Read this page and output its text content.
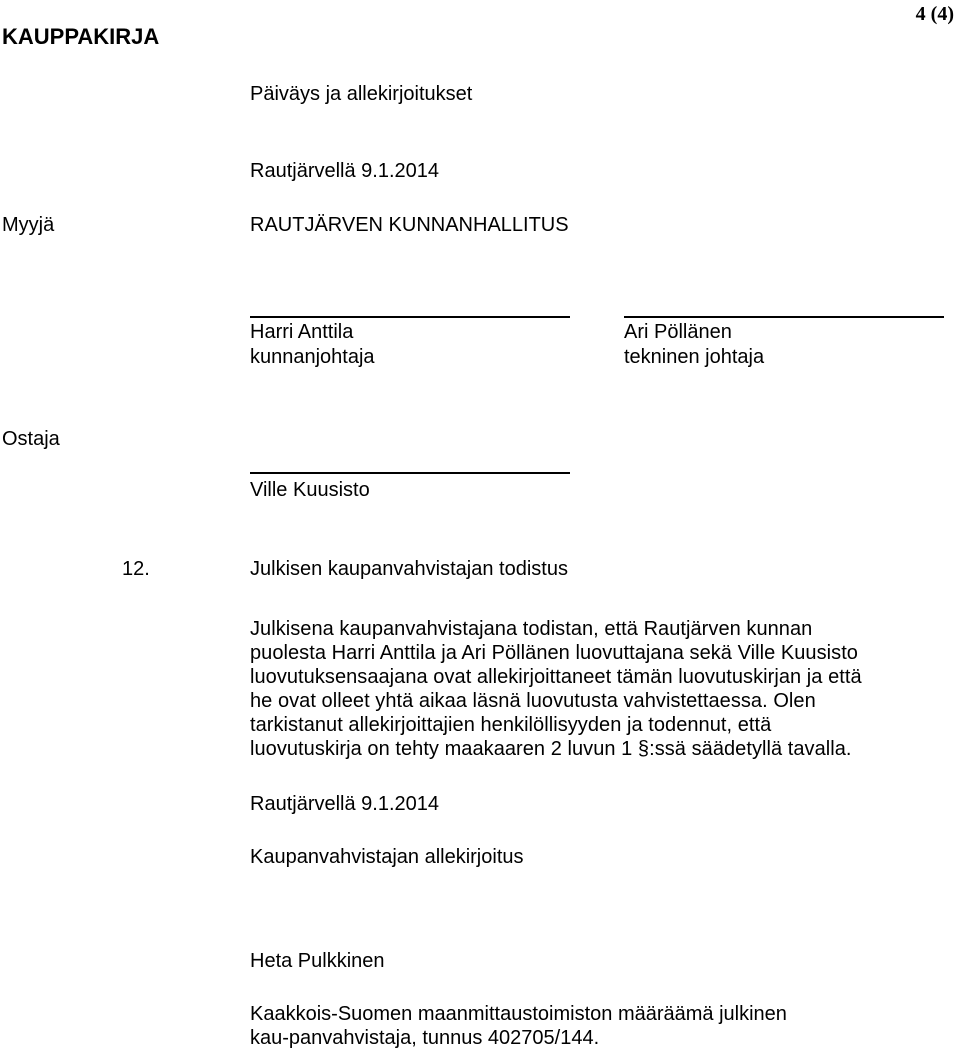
KAUPPAKIRJA
4 (4)
Päiväys ja allekirjoitukset
Rautjärvellä 9.1.2014
Myyjä	RAUTJÄRVEN KUNNANHALLITUS
Harri Anttila
kunnanjohtaja
Ari Pöllänen
tekninen johtaja
Ostaja
Ville Kuusisto
12.	Julkisen kaupanvahvistajan todistus
Julkisena kaupanvahvistajana todistan, että Rautjärven kunnan
puolesta Harri Anttila ja Ari Pöllänen luovuttajana sekä Ville Kuusisto
luovutuksensaajana ovat allekirjoittaneet tämän luovutuskirjan ja että
he ovat olleet yhtä aikaa läsnä luovutusta vahvistettaessa. Olen
tarkistanut allekirjoittajien henkilöllisyyden ja todennut, että
luovutuskirja on tehty maakaaren 2 luvun 1 §:ssä säädetyllä tavalla.
Rautjärvellä 9.1.2014
Kaupanvahvistajan allekirjoitus
Heta Pulkkinen
Kaakkois-Suomen maanmittaustoimiston määräämä julkinen
kau-panvahvistaja, tunnus 402705/144.
